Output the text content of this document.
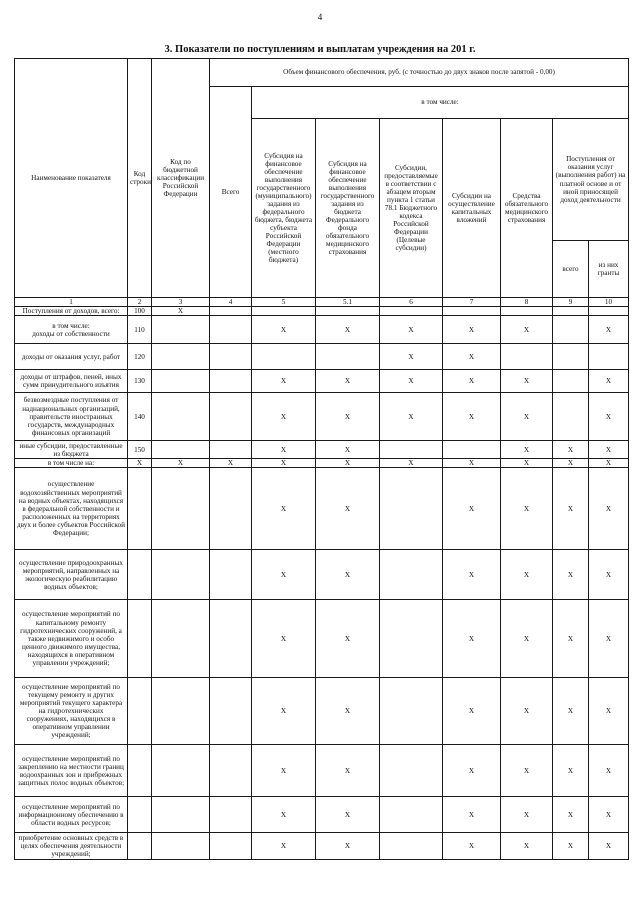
4
3. Показатели по поступлениям и выплатам учреждения на 201 г.
Наименование показателя	Код строки	Код по бюджетной классификации Российской Федерации	Объем финансового обеспечения, руб. (с точностью до двух знаков после запятой - 0,00)							
			Всего	в том числе:						
				Субсидия на финансовое обеспечение выполнения государственного (муниципального) задания из федерального бюджета, бюджета субъекта Российской Федерации (местного бюджета)	Субсидия на финансовое обеспечение выполнения государственного задания из бюджета Федерального фонда обязательного медицинского страхования	Субсидии, предоставляемые в соответствии с абзацем вторым пункта 1 статьи 78.1 Бюджетного кодекса Российской Федерации (Целевые субсидии)	Субсидии на осуществление капитальных вложений	Средства обязательного медицинского страхования	Поступления от оказания услуг (выполнения работ) на платной основе и от иной приносящей доход деятельности	
									всего	из них гранты
1	2	3	4	5	5.1	6	7	8	9	10
Поступления от доходов, всего:	100	X								
в том числе:
доходы от собственности	110			X	X	X	X	X		X
доходы от оказания услуг, работ	120					X	X			
доходы от штрафов, пеней, иных сумм принудительного изъятия	130			X	X	X	X	X		X
безвозмездные поступления от наднациональных организаций, правительств иностранных государств, международных финансовых организаций	140			X	X	X	X	X		X
иные субсидии, предоставленные из бюджета	150			X	X			X	X	X
в том числе на:	X	X	X	X	X	X	X	X	X	X
осуществление водохозяйственных мероприятий на водных объектах, находящихся в федеральной собственности и расположенных на территориях двух и более субъектов Российской Федерации;				X	X		X	X	X	X
осуществление природоохранных мероприятий, направленных на экологическую реабилитацию водных объектов;				X	X		X	X	X	X
осуществление мероприятий по капитальному ремонту гидротехнических сооружений, а также недвижимого и особо ценного движимого имущества, находящихся в оперативном управлении учреждений;				X	X		X	X	X	X
осуществление мероприятий по текущему ремонту и других мероприятий текущего характера на гидротехнических сооружениях, находящихся в оперативном управлении учреждений;				X	X		X	X	X	X
осуществление мероприятий по закреплению на местности границ водоохранных зон и прибрежных защитных полос водных объектов;				X	X		X	X	X	X
осуществление мероприятий по информационному обеспечению в области водных ресурсов;				X	X		X	X	X	X
приобретение основных средств в целях обеспечения деятельности учреждений;				X	X		X	X	X	X
